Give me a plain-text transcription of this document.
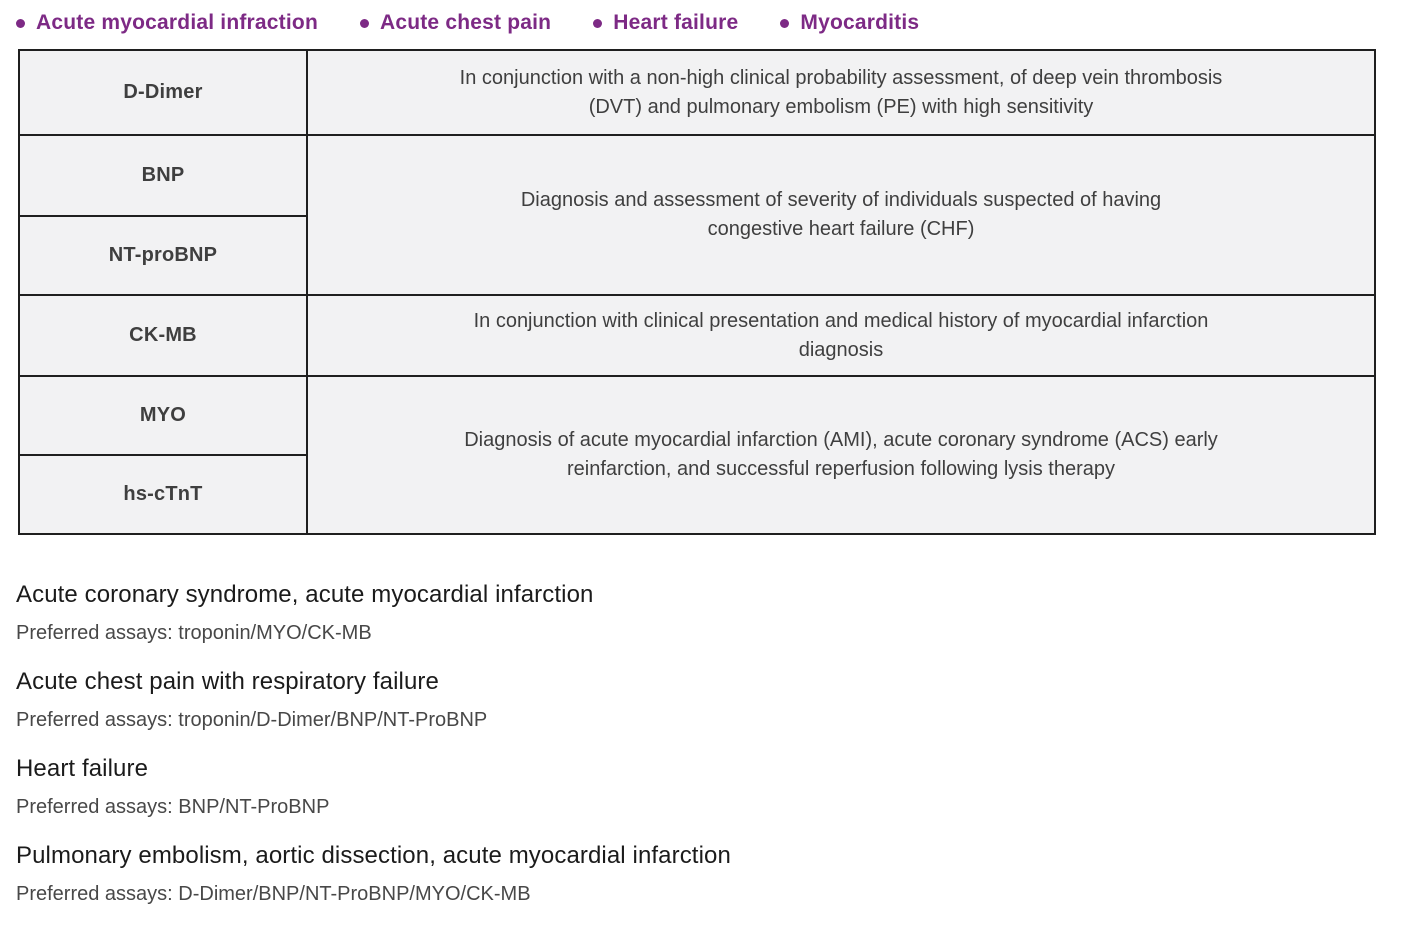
Acute myocardial infraction	Acute chest pain	Heart failure	Myocarditis
D-Dimer	In conjunction with a non-high clinical probability assessment, of deep vein thrombosis (DVT) and pulmonary embolism (PE) with high sensitivity

BNP	Diagnosis and assessment of severity of individuals suspected of having congestive heart failure (CHF)

NT-proBNP	
CK-MB	In conjunction with clinical presentation and medical history of myocardial infarction diagnosis

MYO	Diagnosis of acute myocardial infarction (AMI), acute coronary syndrome (ACS) early reinfarction, and successful reperfusion following lysis therapy

hs-cTnT	
Acute coronary syndrome, acute myocardial infarction
Preferred assays: troponin/MYO/CK-MB
Acute chest pain with respiratory failure
Preferred assays: troponin/D-Dimer/BNP/NT-ProBNP
Heart failure
Preferred assays: BNP/NT-ProBNP
Pulmonary embolism, aortic dissection, acute myocardial infarction
Preferred assays: D-Dimer/BNP/NT-ProBNP/MYO/CK-MB
